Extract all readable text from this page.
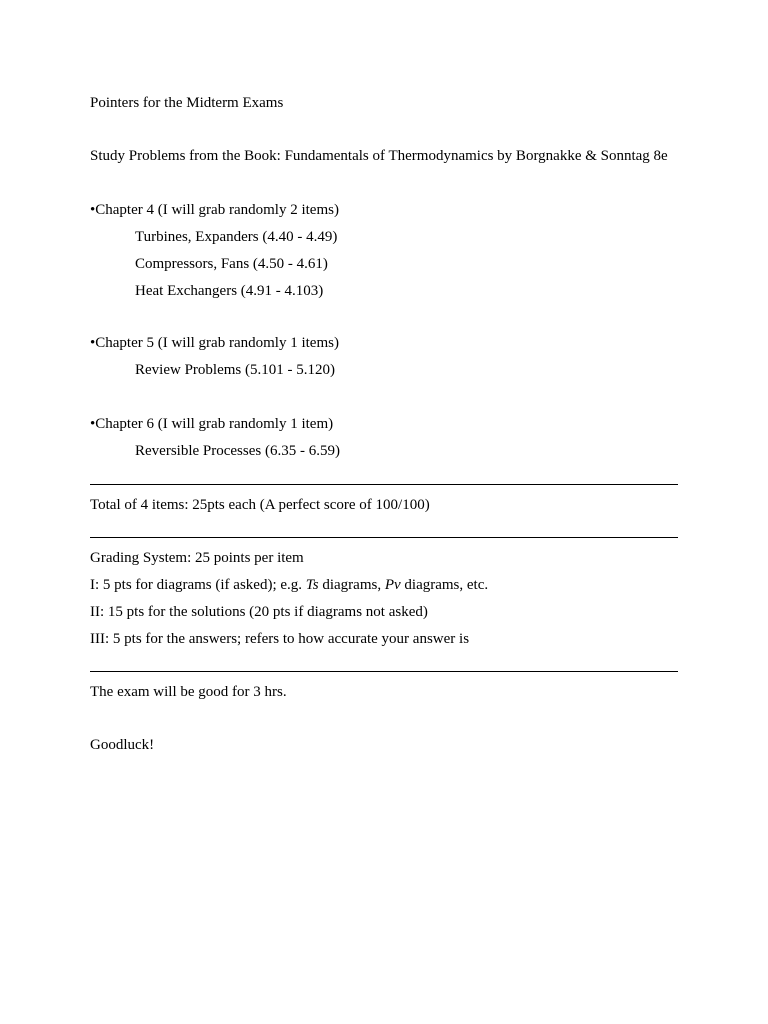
Pointers for the Midterm Exams
Study Problems from the Book: Fundamentals of Thermodynamics by Borgnakke & Sonntag 8e
•Chapter 4 (I will grab randomly 2 items)
Turbines, Expanders (4.40 - 4.49)
Compressors, Fans (4.50 - 4.61)
Heat Exchangers (4.91 - 4.103)
•Chapter 5 (I will grab randomly 1 items)
Review Problems (5.101 - 5.120)
•Chapter 6 (I will grab randomly 1 item)
Reversible Processes (6.35 - 6.59)
Total of 4 items: 25pts each (A perfect score of 100/100)
Grading System: 25 points per item
I: 5 pts for diagrams (if asked); e.g. Ts diagrams, Pv diagrams, etc.
II: 15 pts for the solutions (20 pts if diagrams not asked)
III: 5 pts for the answers; refers to how accurate your answer is
The exam will be good for 3 hrs.
Goodluck!
